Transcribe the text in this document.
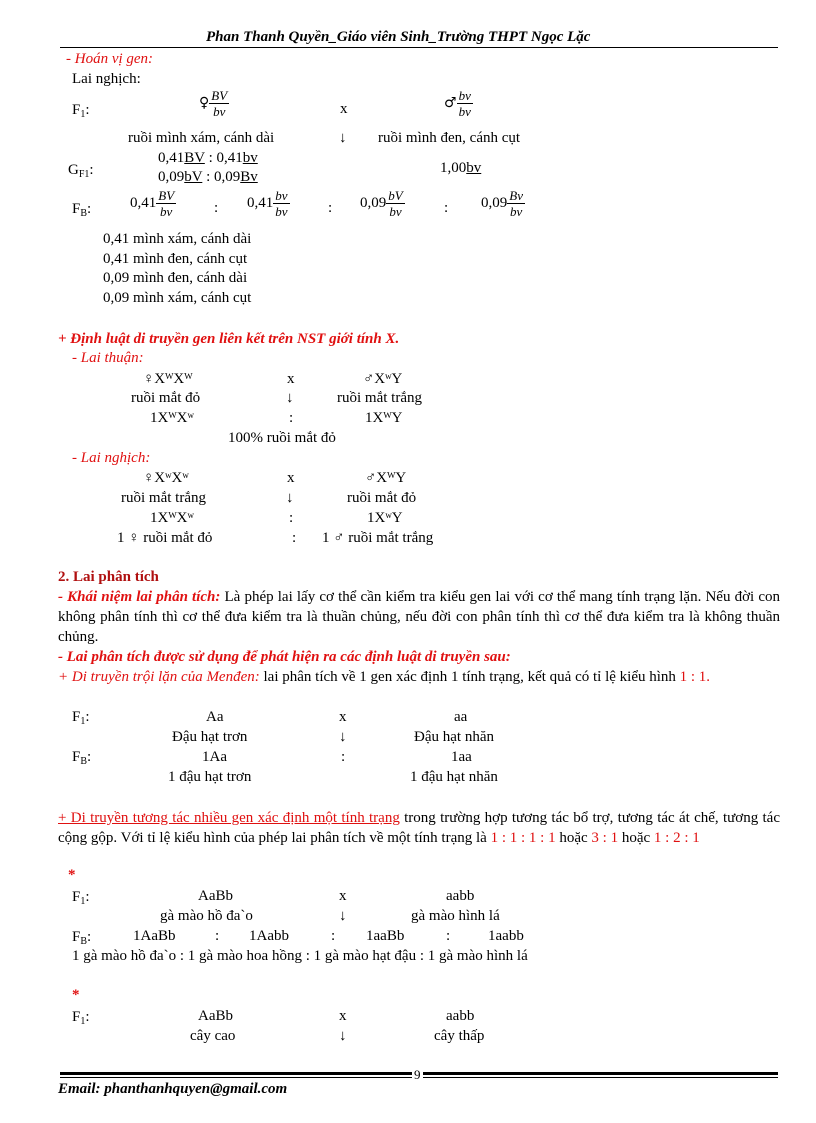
Phan Thanh Quyền_Giáo viên Sinh_Trường THPT Ngọc Lặc
- Hoán vị gen:
Lai nghịch:
$F_1$:	♀ $\frac{BV}{bv}$	x	♂ $\frac{bv}{bv}$
ruồi mình xám, cánh dài	↓ ruồi mình đen, cánh cụt
$G_{F1}$:
0,41BV : 0,41bv
0,09bV : 0,09Bv
1,00bv
$F_B$:	$0,41 \frac{BV}{bv}$	: $0,41 \frac{bv}{bv}$	: $0,09 \frac{bV}{bv}$	: $0,09 \frac{Bv}{bv}$
0,41 mình xám, cánh dài
0,41 mình đen, cánh cụt
0,09 mình đen, cánh dài
0,09 mình xám, cánh cụt
+ Định luật di truyền gen liên kết trên NST giới tính X.
- Lai thuận:
♀XᵂXᵂ	x	♂XʷY
ruồi mắt đỏ	↓	ruồi mắt trắng
1XᵂXʷ	:	1XᵂY
100% ruồi mắt đỏ
- Lai nghịch:
♀XʷXʷ	x	♂XᵂY
ruồi mắt trắng	↓	ruồi mắt đỏ
1XᵂXʷ	:	1XʷY
1 ♀ ruồi mắt đỏ	: 1 ♂ ruồi mắt trắng
2. Lai phân tích
- Khái niệm lai phân tích: Là phép lai lấy cơ thể cần kiểm tra kiểu gen lai với cơ thể mang tính trạng lặn. Nếu đời con không phân tính thì cơ thể đưa kiểm tra là thuần chủng, nếu đời con phân tính thì cơ thể đưa kiểm tra là không thuần chủng.
- Lai phân tích được sử dụng để phát hiện ra các định luật di truyền sau:
+ Di truyền trội lặn của Menđen: lai phân tích về 1 gen xác định 1 tính trạng, kết quả có tỉ lệ kiểu hình 1 : 1.
$F_1$:	Aa	x	aa
Đậu hạt trơn	↓	Đậu hạt nhăn
$F_B$:	1Aa	:	1aa
1 đậu hạt trơn	1 đậu hạt nhăn
+ Di truyền tương tác nhiều gen xác định một tính trạng trong trường hợp tương tác bổ trợ, tương tác át chế, tương tác cộng gộp. Với tỉ lệ kiểu hình của phép lai phân tích về một tính trạng là 1 : 1 : 1 : 1 hoặc 3 : 1 hoặc 1 : 2 : 1
*
$F_1$:	AaBb	x	aabb
gà mào hồ đa`o	↓	gà mào hình lá
$F_B$:	1AaBb	: 1Aabb	: 1aaBb	:	1aabb
1 gà mào hồ đa`o : 1 gà mào hoa hồng : 1 gà mào hạt đậu : 1 gà mào hình lá
*
$F_1$:	AaBb	x	aabb
cây cao	↓	cây thấp
9
Email: phanthanhquyen@gmail.com
